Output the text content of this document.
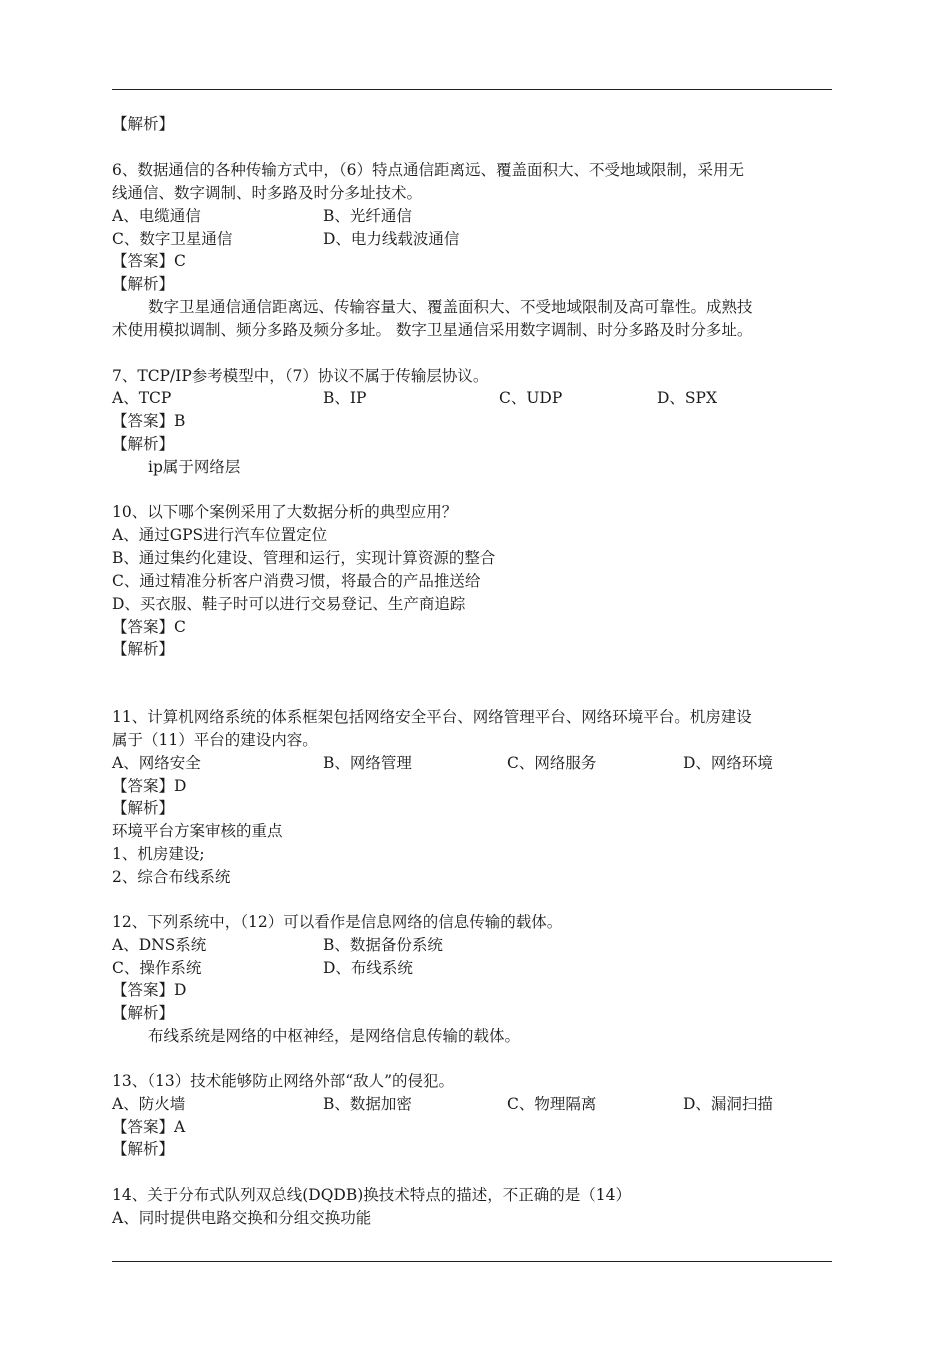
【解析】
6、数据通信的各种传输方式中，（6）特点通信距离远、覆盖面积大、不受地域限制，采用无
线通信、数字调制、时多路及时分多址技术。
A、电缆通信	B、光纤通信
C、数字卫星通信	D、电力线载波通信
【答案】C
【解析】
数字卫星通信通信距离远、传输容量大、覆盖面积大、不受地域限制及高可靠性。成熟技
术使用模拟调制、频分多路及频分多址。 数字卫星通信采用数字调制、时分多路及时分多址。
7、TCP/IP参考模型中，（7）协议不属于传输层协议。
A、TCP	B、IP	C、UDP	D、SPX
【答案】B
【解析】
ip属于网络层
10、以下哪个案例采用了大数据分析的典型应用？
A、通过GPS进行汽车位置定位
B、通过集约化建设、管理和运行，实现计算资源的整合
C、通过精准分析客户消费习惯，将最合的产品推送给
D、买衣服、鞋子时可以进行交易登记、生产商追踪
【答案】C
【解析】
11、计算机网络系统的体系框架包括网络安全平台、网络管理平台、网络环境平台。机房建设
属于（11）平台的建设内容。
A、网络安全	B、网络管理	C、网络服务	D、网络环境
【答案】D
【解析】
环境平台方案审核的重点
1、机房建设;
2、综合布线系统
12、下列系统中，（12）可以看作是信息网络的信息传输的载体。
A、DNS系统	B、数据备份系统
C、操作系统	D、布线系统
【答案】D
【解析】
布线系统是网络的中枢神经，是网络信息传输的载体。
13、（13）技术能够防止网络外部“敌人”的侵犯。
A、防火墙	B、数据加密	C、物理隔离	D、漏洞扫描
【答案】A
【解析】
14、关于分布式队列双总线(DQDB)换技术特点的描述，不正确的是（14）
A、同时提供电路交换和分组交换功能
